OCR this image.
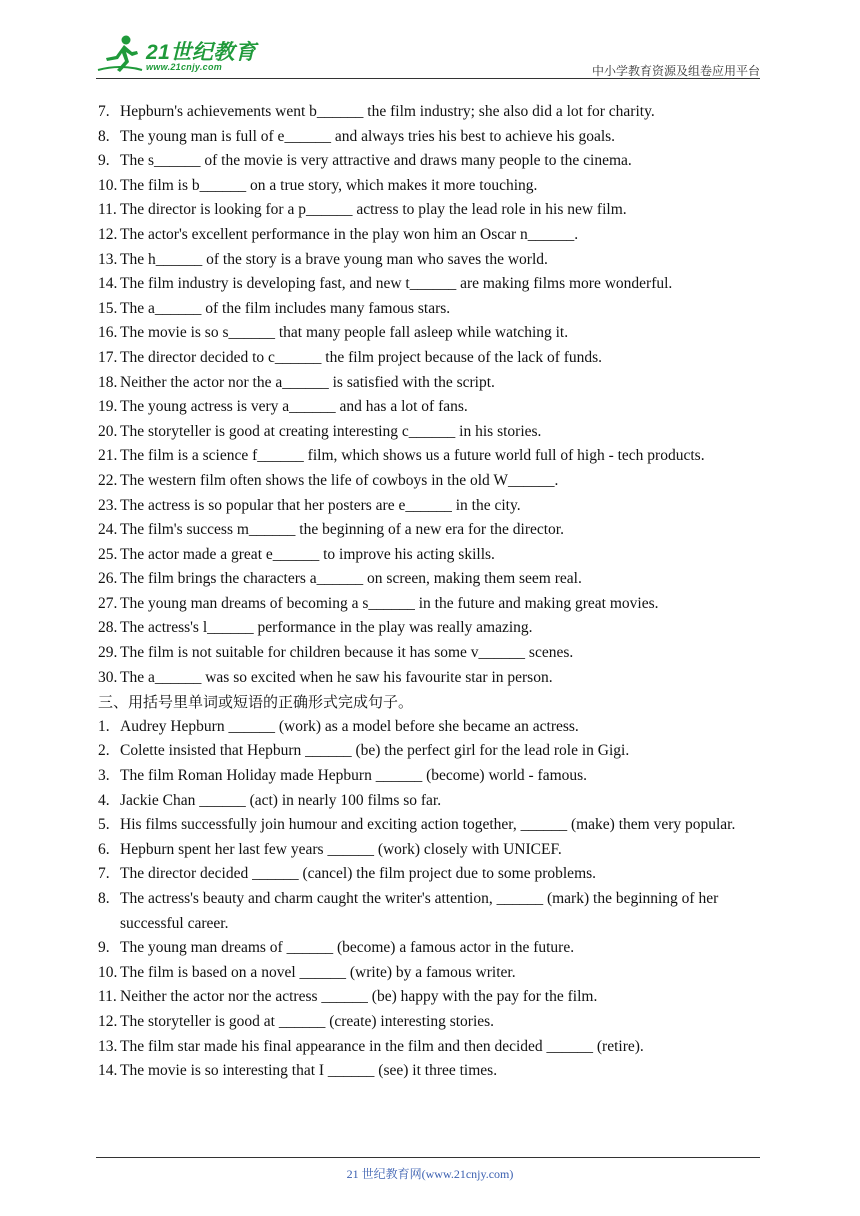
21世纪教育
www.21cnjy.com	中小学教育资源及组卷应用平台
7. Hepburn's achievements went b______ the film industry; she also did a lot for charity.
8. The young man is full of e______ and always tries his best to achieve his goals.
9. The s______ of the movie is very attractive and draws many people to the cinema.
10. The film is b______ on a true story, which makes it more touching.
11. The director is looking for a p______ actress to play the lead role in his new film.
12. The actor's excellent performance in the play won him an Oscar n______.
13. The h______ of the story is a brave young man who saves the world.
14. The film industry is developing fast, and new t______ are making films more wonderful.
15. The a______ of the film includes many famous stars.
16. The movie is so s______ that many people fall asleep while watching it.
17. The director decided to c______ the film project because of the lack of funds.
18. Neither the actor nor the a______ is satisfied with the script.
19. The young actress is very a______ and has a lot of fans.
20. The storyteller is good at creating interesting c______ in his stories.
21. The film is a science f______ film, which shows us a future world full of high - tech products.
22. The western film often shows the life of cowboys in the old W______.
23. The actress is so popular that her posters are e______ in the city.
24. The film's success m______ the beginning of a new era for the director.
25. The actor made a great e______ to improve his acting skills.
26. The film brings the characters a______ on screen, making them seem real.
27. The young man dreams of becoming a s______ in the future and making great movies.
28. The actress's l______ performance in the play was really amazing.
29. The film is not suitable for children because it has some v______ scenes.
30. The a______ was so excited when he saw his favourite star in person.
三、用括号里单词或短语的正确形式完成句子。
1. Audrey Hepburn ______ (work) as a model before she became an actress.
2. Colette insisted that Hepburn ______ (be) the perfect girl for the lead role in Gigi.
3. The film Roman Holiday made Hepburn ______ (become) world - famous.
4. Jackie Chan ______ (act) in nearly 100 films so far.
5. His films successfully join humour and exciting action together, ______ (make) them very popular.
6. Hepburn spent her last few years ______ (work) closely with UNICEF.
7. The director decided ______ (cancel) the film project due to some problems.
8. The actress's beauty and charm caught the writer's attention, ______ (mark) the beginning of her successful career.
9. The young man dreams of ______ (become) a famous actor in the future.
10. The film is based on a novel ______ (write) by a famous writer.
11. Neither the actor nor the actress ______ (be) happy with the pay for the film.
12. The storyteller is good at ______ (create) interesting stories.
13. The film star made his final appearance in the film and then decided ______ (retire).
14. The movie is so interesting that I ______ (see) it three times.
21 世纪教育网(www.21cnjy.com)
